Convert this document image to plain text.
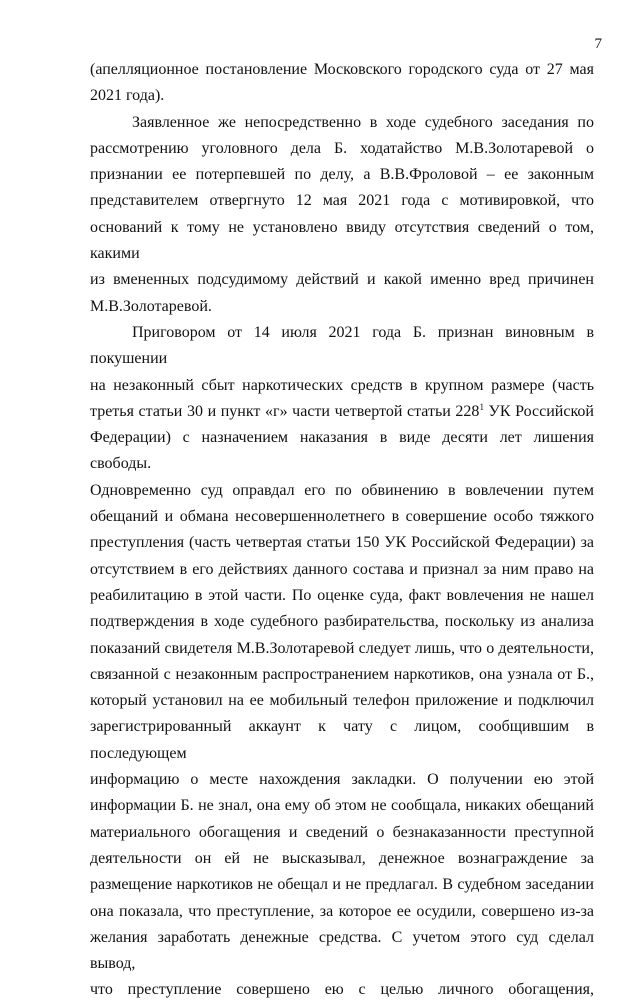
7

(апелляционное постановление Московского городского суда от 27 мая

2021 года).

Заявленное же непосредственно в ходе судебного заседания по

рассмотрению уголовного дела Б. ходатайство М.В.Золотаревой о

признании ее потерпевшей по делу, а В.В.Фроловой – ее законным

представителем отвергнуто 12 мая 2021 года с мотивировкой, что

оснований к тому не установлено ввиду отсутствия сведений о том, какими

из вмененных подсудимому действий и какой именно вред причинен

М.В.Золотаревой.

Приговором от 14 июля 2021 года Б. признан виновным в покушении

на незаконный сбыт наркотических средств в крупном размере (часть

третья статьи 30 и пункт «г» части четвертой статьи $228^1$ УК Российской

Федерации) с назначением наказания в виде десяти лет лишения свободы.

Одновременно суд оправдал его по обвинению в вовлечении путем

обещаний и обмана несовершеннолетнего в совершение особо тяжкого

преступления (часть четвертая статьи 150 УК Российской Федерации) за

отсутствием в его действиях данного состава и признал за ним право на

реабилитацию в этой части. По оценке суда, факт вовлечения не нашел

подтверждения в ходе судебного разбирательства, поскольку из анализа

показаний свидетеля М.В.Золотаревой следует лишь, что о деятельности,

связанной с незаконным распространением наркотиков, она узнала от Б.,

который установил на ее мобильный телефон приложение и подключил

зарегистрированный аккаунт к чату с лицом, сообщившим в последующем

информацию о месте нахождения закладки. О получении ею этой

информации Б. не знал, она ему об этом не сообщала, никаких обещаний

материального обогащения и сведений о безнаказанности преступной

деятельности он ей не высказывал, денежное вознаграждение за

размещение наркотиков не обещал и не предлагал. В судебном заседании

она показала, что преступление, за которое ее осудили, совершено из-за

желания заработать денежные средства. С учетом этого суд сделал вывод,

что преступление совершено ею с целью личного обогащения,
